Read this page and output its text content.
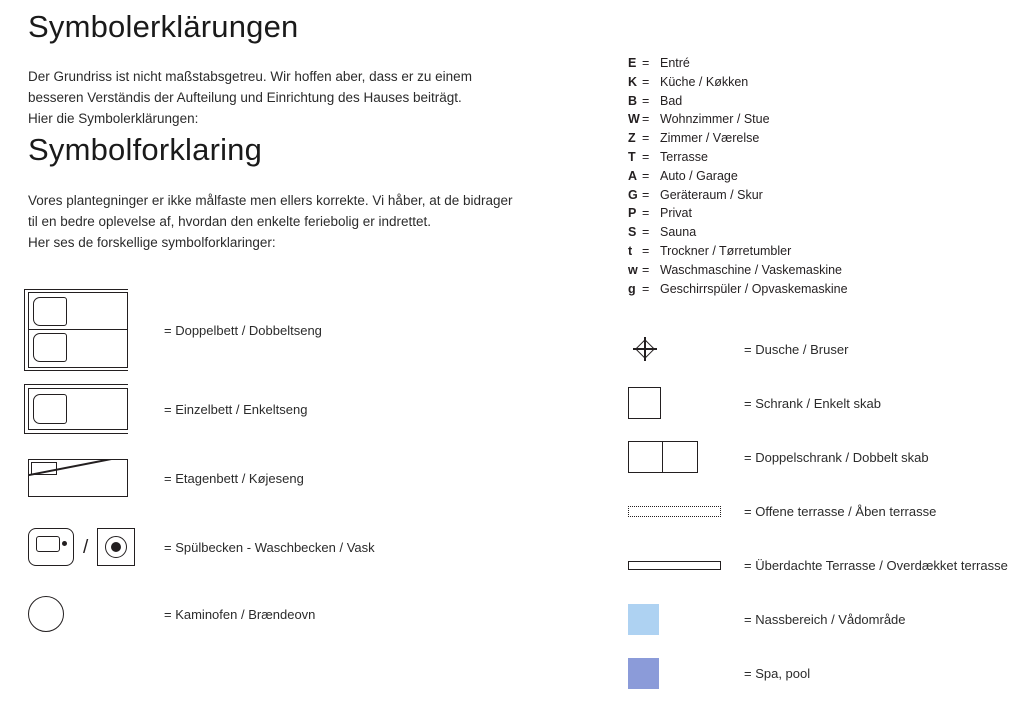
Symbolerklärungen
Der Grundriss ist nicht maßstabsgetreu. Wir hoffen aber, dass er zu einem
besseren Verständis der Aufteilung und Einrichtung des Hauses beiträgt.
Hier die Symbolerklärungen:
Symbolforklaring
Vores plantegninger er ikke målfaste men ellers korrekte. Vi håber, at de bidrager
til en bedre oplevelse af, hvordan den enkelte feriebolig er indrettet.
Her ses de forskellige symbolforklaringer:
= Doppelbett / Dobbeltseng
= Einzelbett / Enkeltseng
= Etagenbett / Køjeseng
/	= Spülbecken - Waschbecken / Vask
= Kaminofen / Brændeovn
E = Entré
K = Küche / Køkken
B = Bad
W = Wohnzimmer / Stue
Z = Zimmer / Værelse
T = Terrasse
A = Auto / Garage
G = Geräteraum / Skur
P = Privat
S = Sauna
t = Trockner / Tørretumbler
w = Waschmaschine / Vaskemaskine
g = Geschirrspüler / Opvaskemaskine
= Dusche / Bruser
= Schrank / Enkelt skab
= Doppelschrank / Dobbelt skab
= Offene terrasse / Åben terrasse
= Überdachte Terrasse / Overdækket terrasse
= Nassbereich / Vådområde
= Spa, pool
